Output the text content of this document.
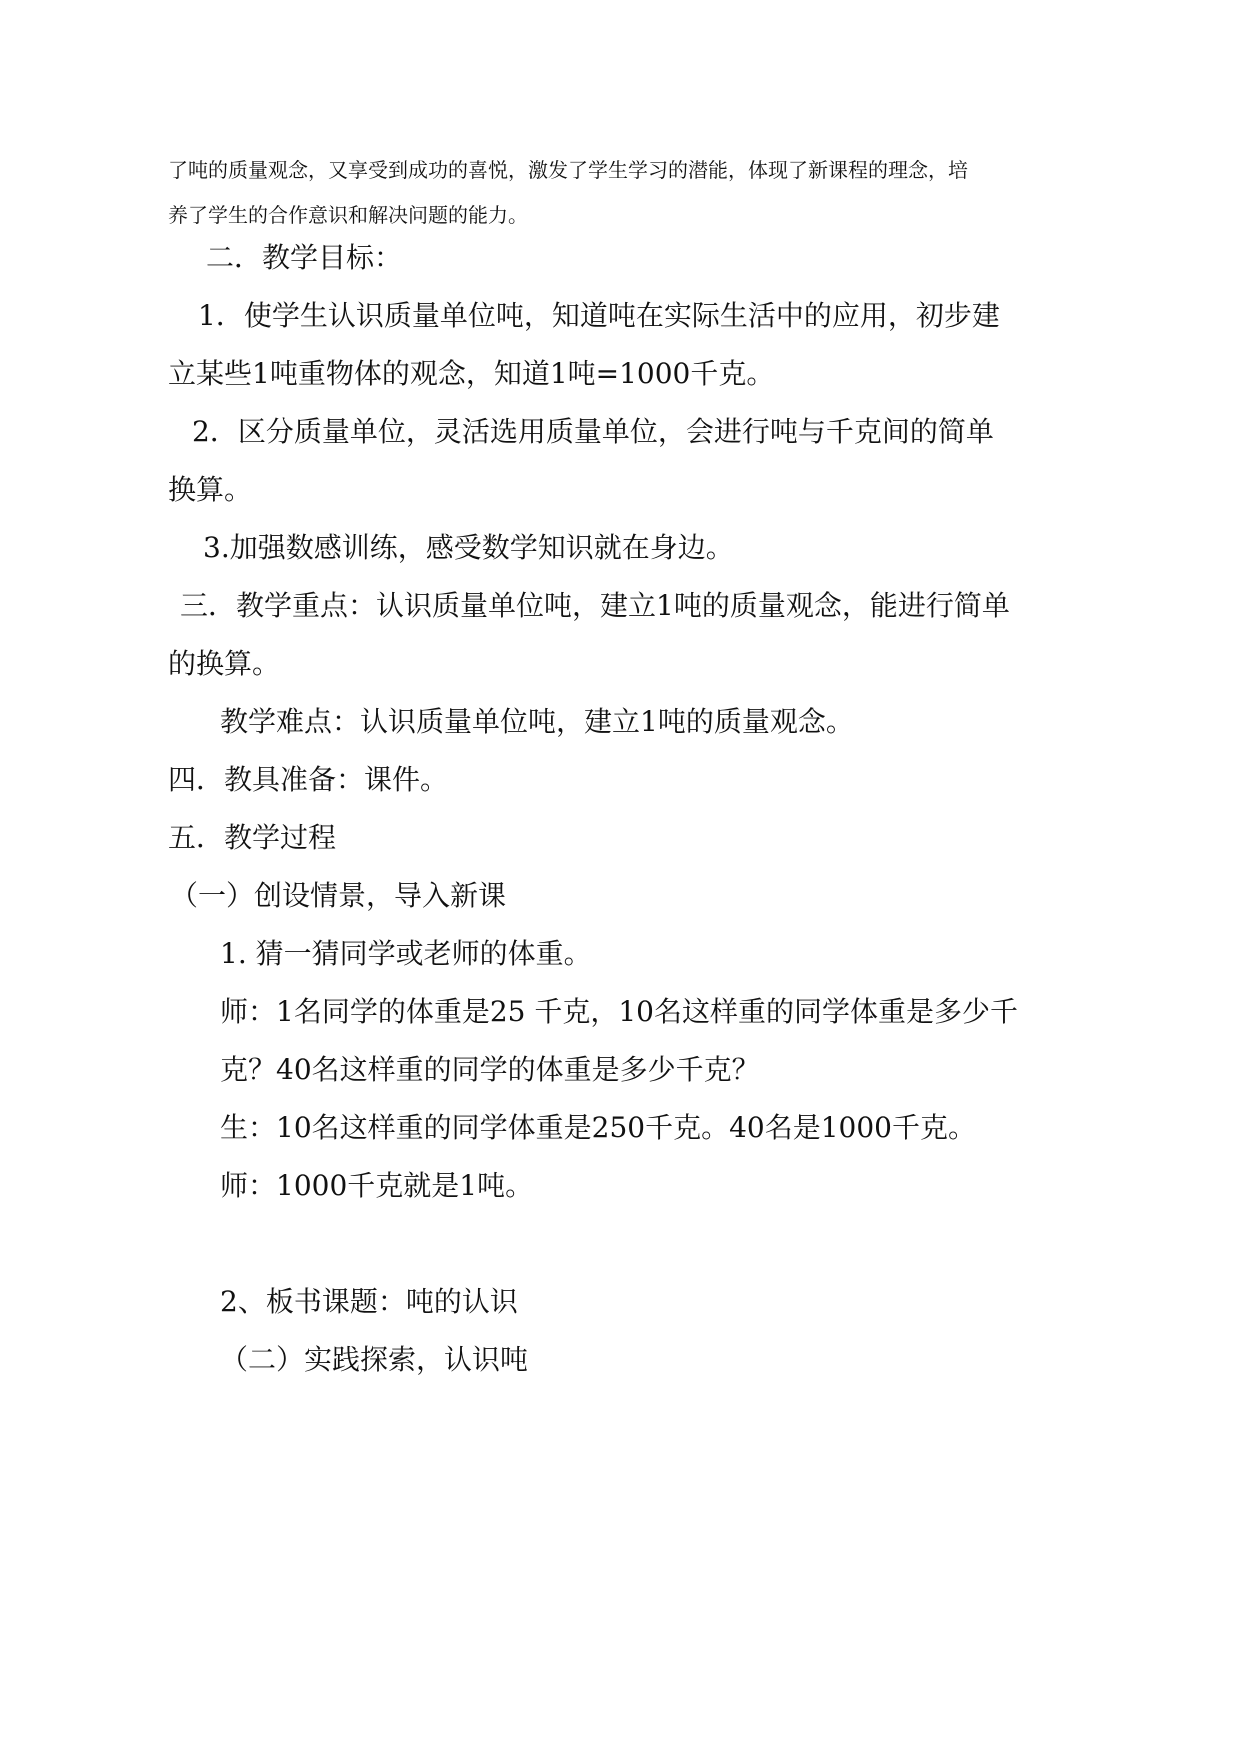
了吨的质量观念，又享受到成功的喜悦，激发了学生学习的潜能，体现了新课程的理念，培
养了学生的合作意识和解决问题的能力。
二．教学目标：
1．使学生认识质量单位吨，知道吨在实际生活中的应用，初步建
立某些1吨重物体的观念，知道1吨=1000千克。
2．区分质量单位，灵活选用质量单位，会进行吨与千克间的简单
换算。
3.加强数感训练，感受数学知识就在身边。
三．教学重点：认识质量单位吨，建立1吨的质量观念，能进行简单
的换算。
教学难点：认识质量单位吨，建立1吨的质量观念。
四．教具准备：课件。
五．教学过程
（一）创设情景，导入新课
1. 猜一猜同学或老师的体重。
师：1名同学的体重是25 千克，10名这样重的同学体重是多少千
克？40名这样重的同学的体重是多少千克？
生：10名这样重的同学体重是250千克。40名是1000千克。
师：1000千克就是1吨。
2、板书课题：吨的认识
（二）实践探索，认识吨
